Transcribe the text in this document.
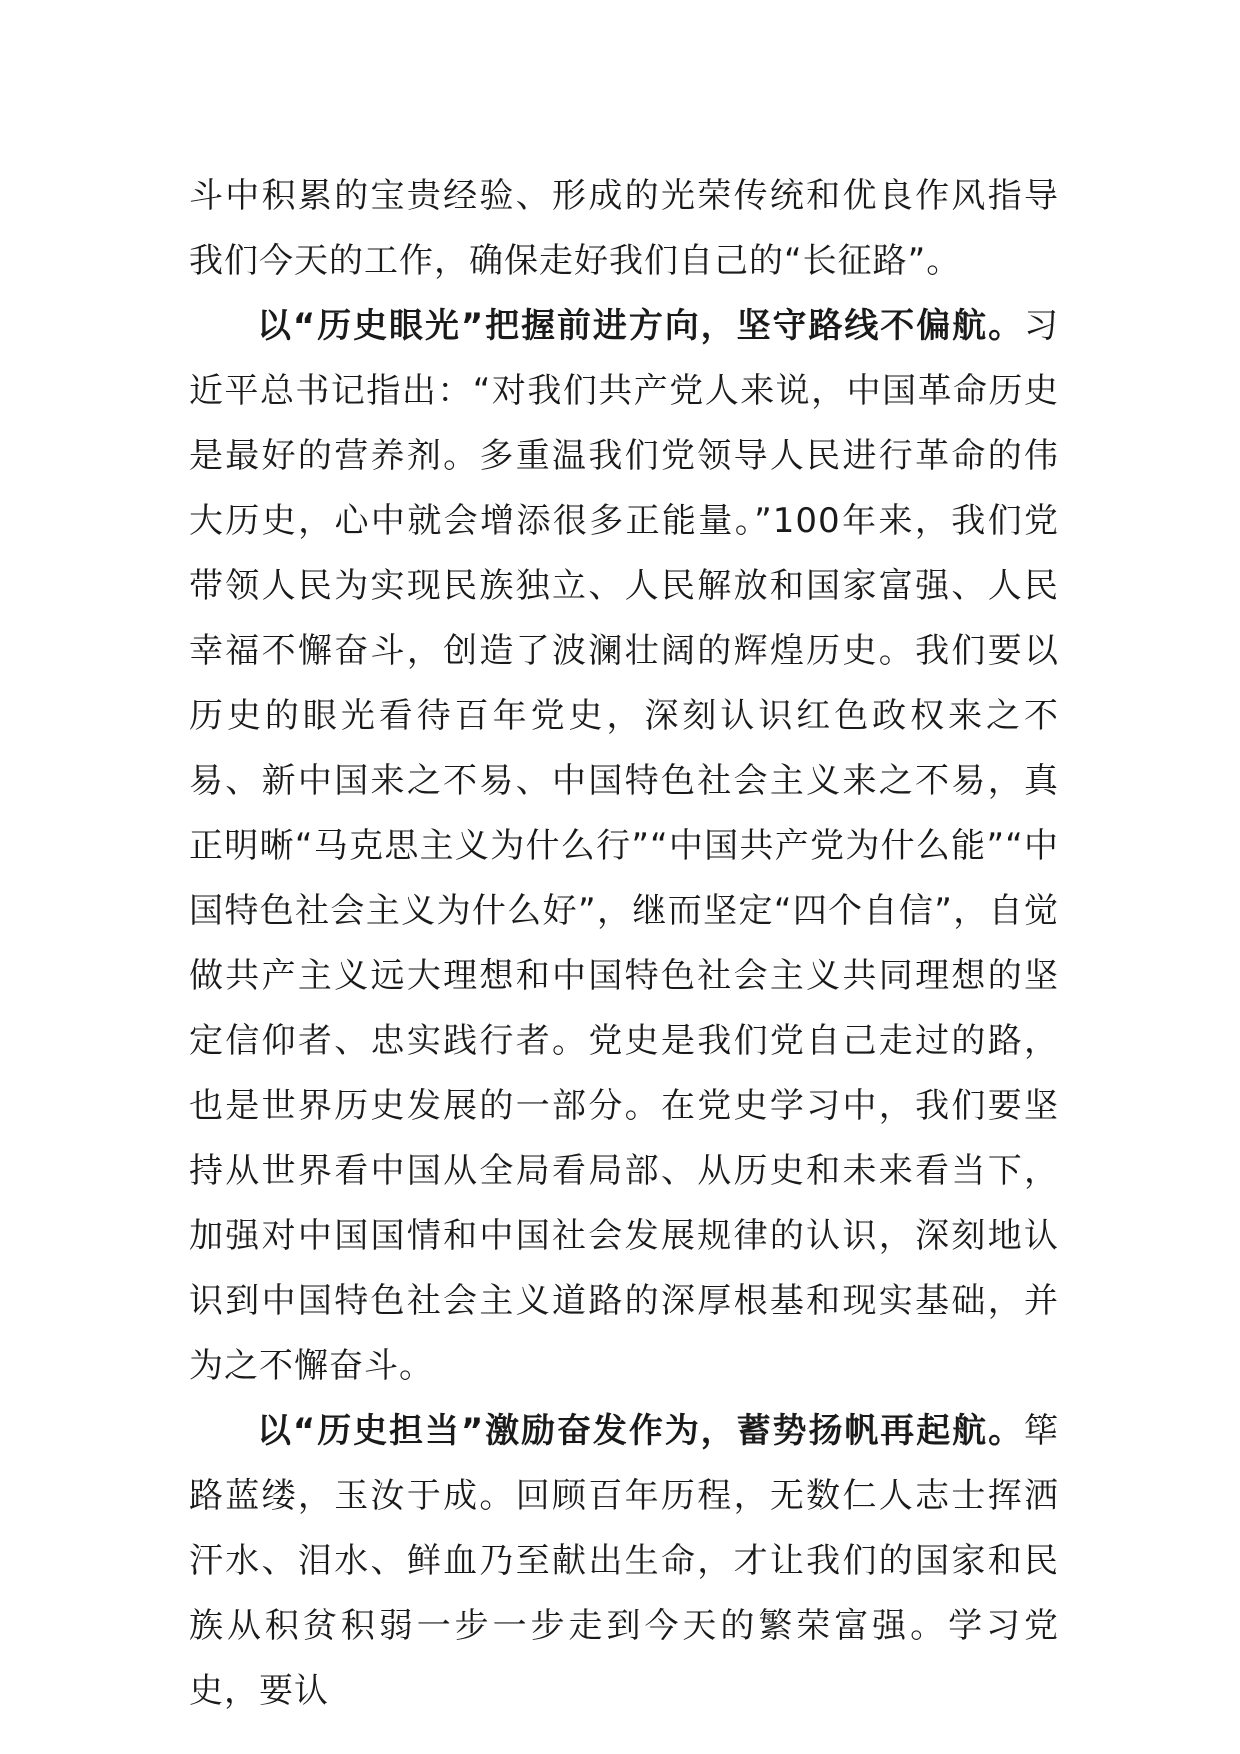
斗中积累的宝贵经验、形成的光荣传统和优良作风指导我们今天的工作，确保走好我们自己的“长征路”。

以“历史眼光”把握前进方向，坚守路线不偏航。习近平总书记指出：“对我们共产党人来说，中国革命历史是最好的营养剂。多重温我们党领导人民进行革命的伟大历史，心中就会增添很多正能量。”100年来，我们党带领人民为实现民族独立、人民解放和国家富强、人民幸福不懈奋斗，创造了波澜壮阔的辉煌历史。我们要以历史的眼光看待百年党史，深刻认识红色政权来之不易、新中国来之不易、中国特色社会主义来之不易，真正明晰“马克思主义为什么行”“中国共产党为什么能”“中国特色社会主义为什么好”，继而坚定“四个自信”，自觉做共产主义远大理想和中国特色社会主义共同理想的坚定信仰者、忠实践行者。党史是我们党自己走过的路，也是世界历史发展的一部分。在党史学习中，我们要坚持从世界看中国从全局看局部、从历史和未来看当下，加强对中国国情和中国社会发展规律的认识，深刻地认识到中国特色社会主义道路的深厚根基和现实基础，并为之不懈奋斗。

以“历史担当”激励奋发作为，蓄势扬帆再起航。筚路蓝缕，玉汝于成。回顾百年历程，无数仁人志士挥洒汗水、泪水、鲜血乃至献出生命，才让我们的国家和民族从积贫积弱一步一步走到今天的繁荣富强。学习党史，要认
